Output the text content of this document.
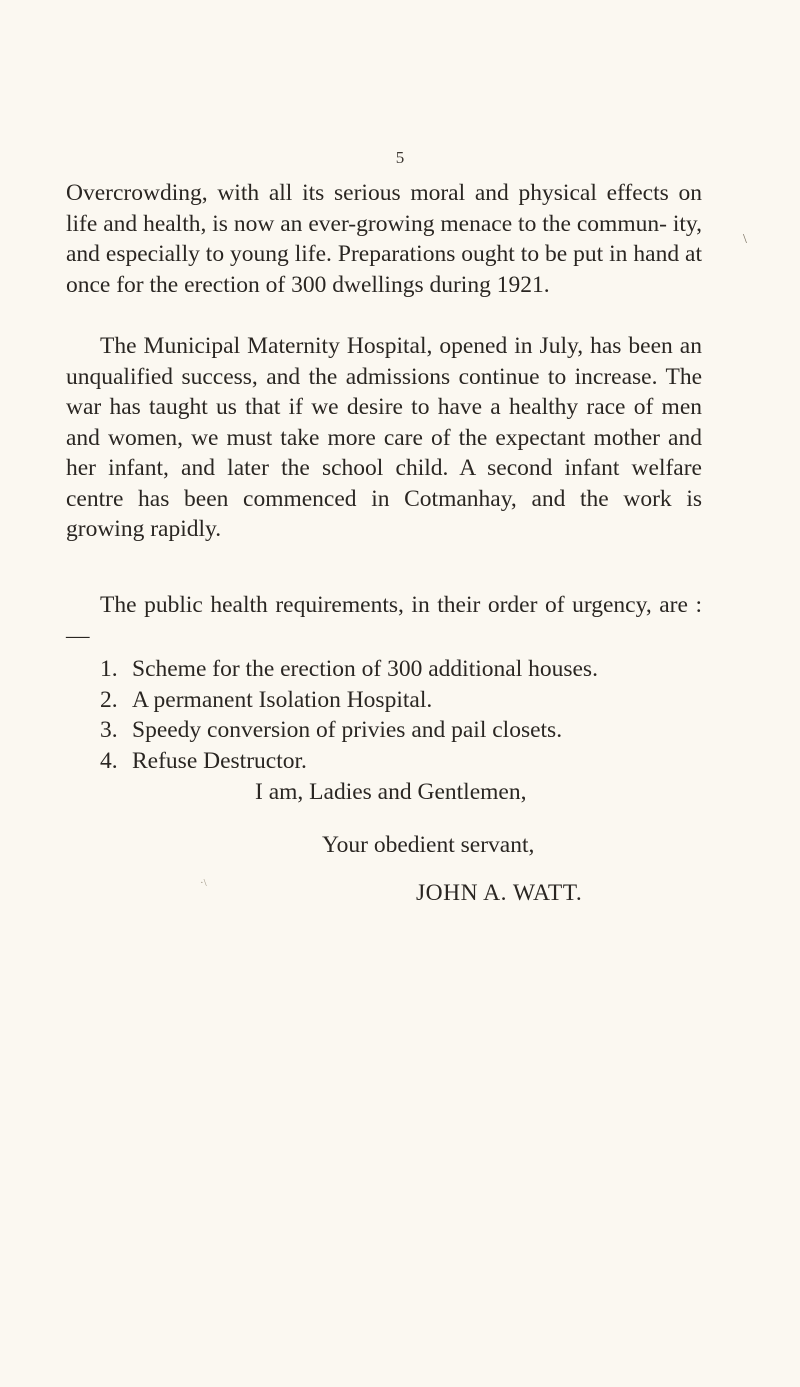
5

Overcrowding, with all its serious moral and physical effects on life and health, is now an ever-growing menace to the commun- ity, and especially to young life. Preparations ought to be put in hand at once for the erection of 300 dwellings during 1921.

The Municipal Maternity Hospital, opened in July, has been an unqualified success, and the admissions continue to increase. The war has taught us that if we desire to have a healthy race of men and women, we must take more care of the expectant mother and her infant, and later the school child. A second infant welfare centre has been commenced in Cotmanhay, and the work is growing rapidly.

The public health requirements, in their order of urgency, are :—

1. Scheme for the erection of 300 additional houses.
2. A permanent Isolation Hospital.
3. Speedy conversion of privies and pail closets.
4. Refuse Destructor.
I am, Ladies and Gentlemen,
Your obedient servant,
JOHN A. WATT.
\
·\
